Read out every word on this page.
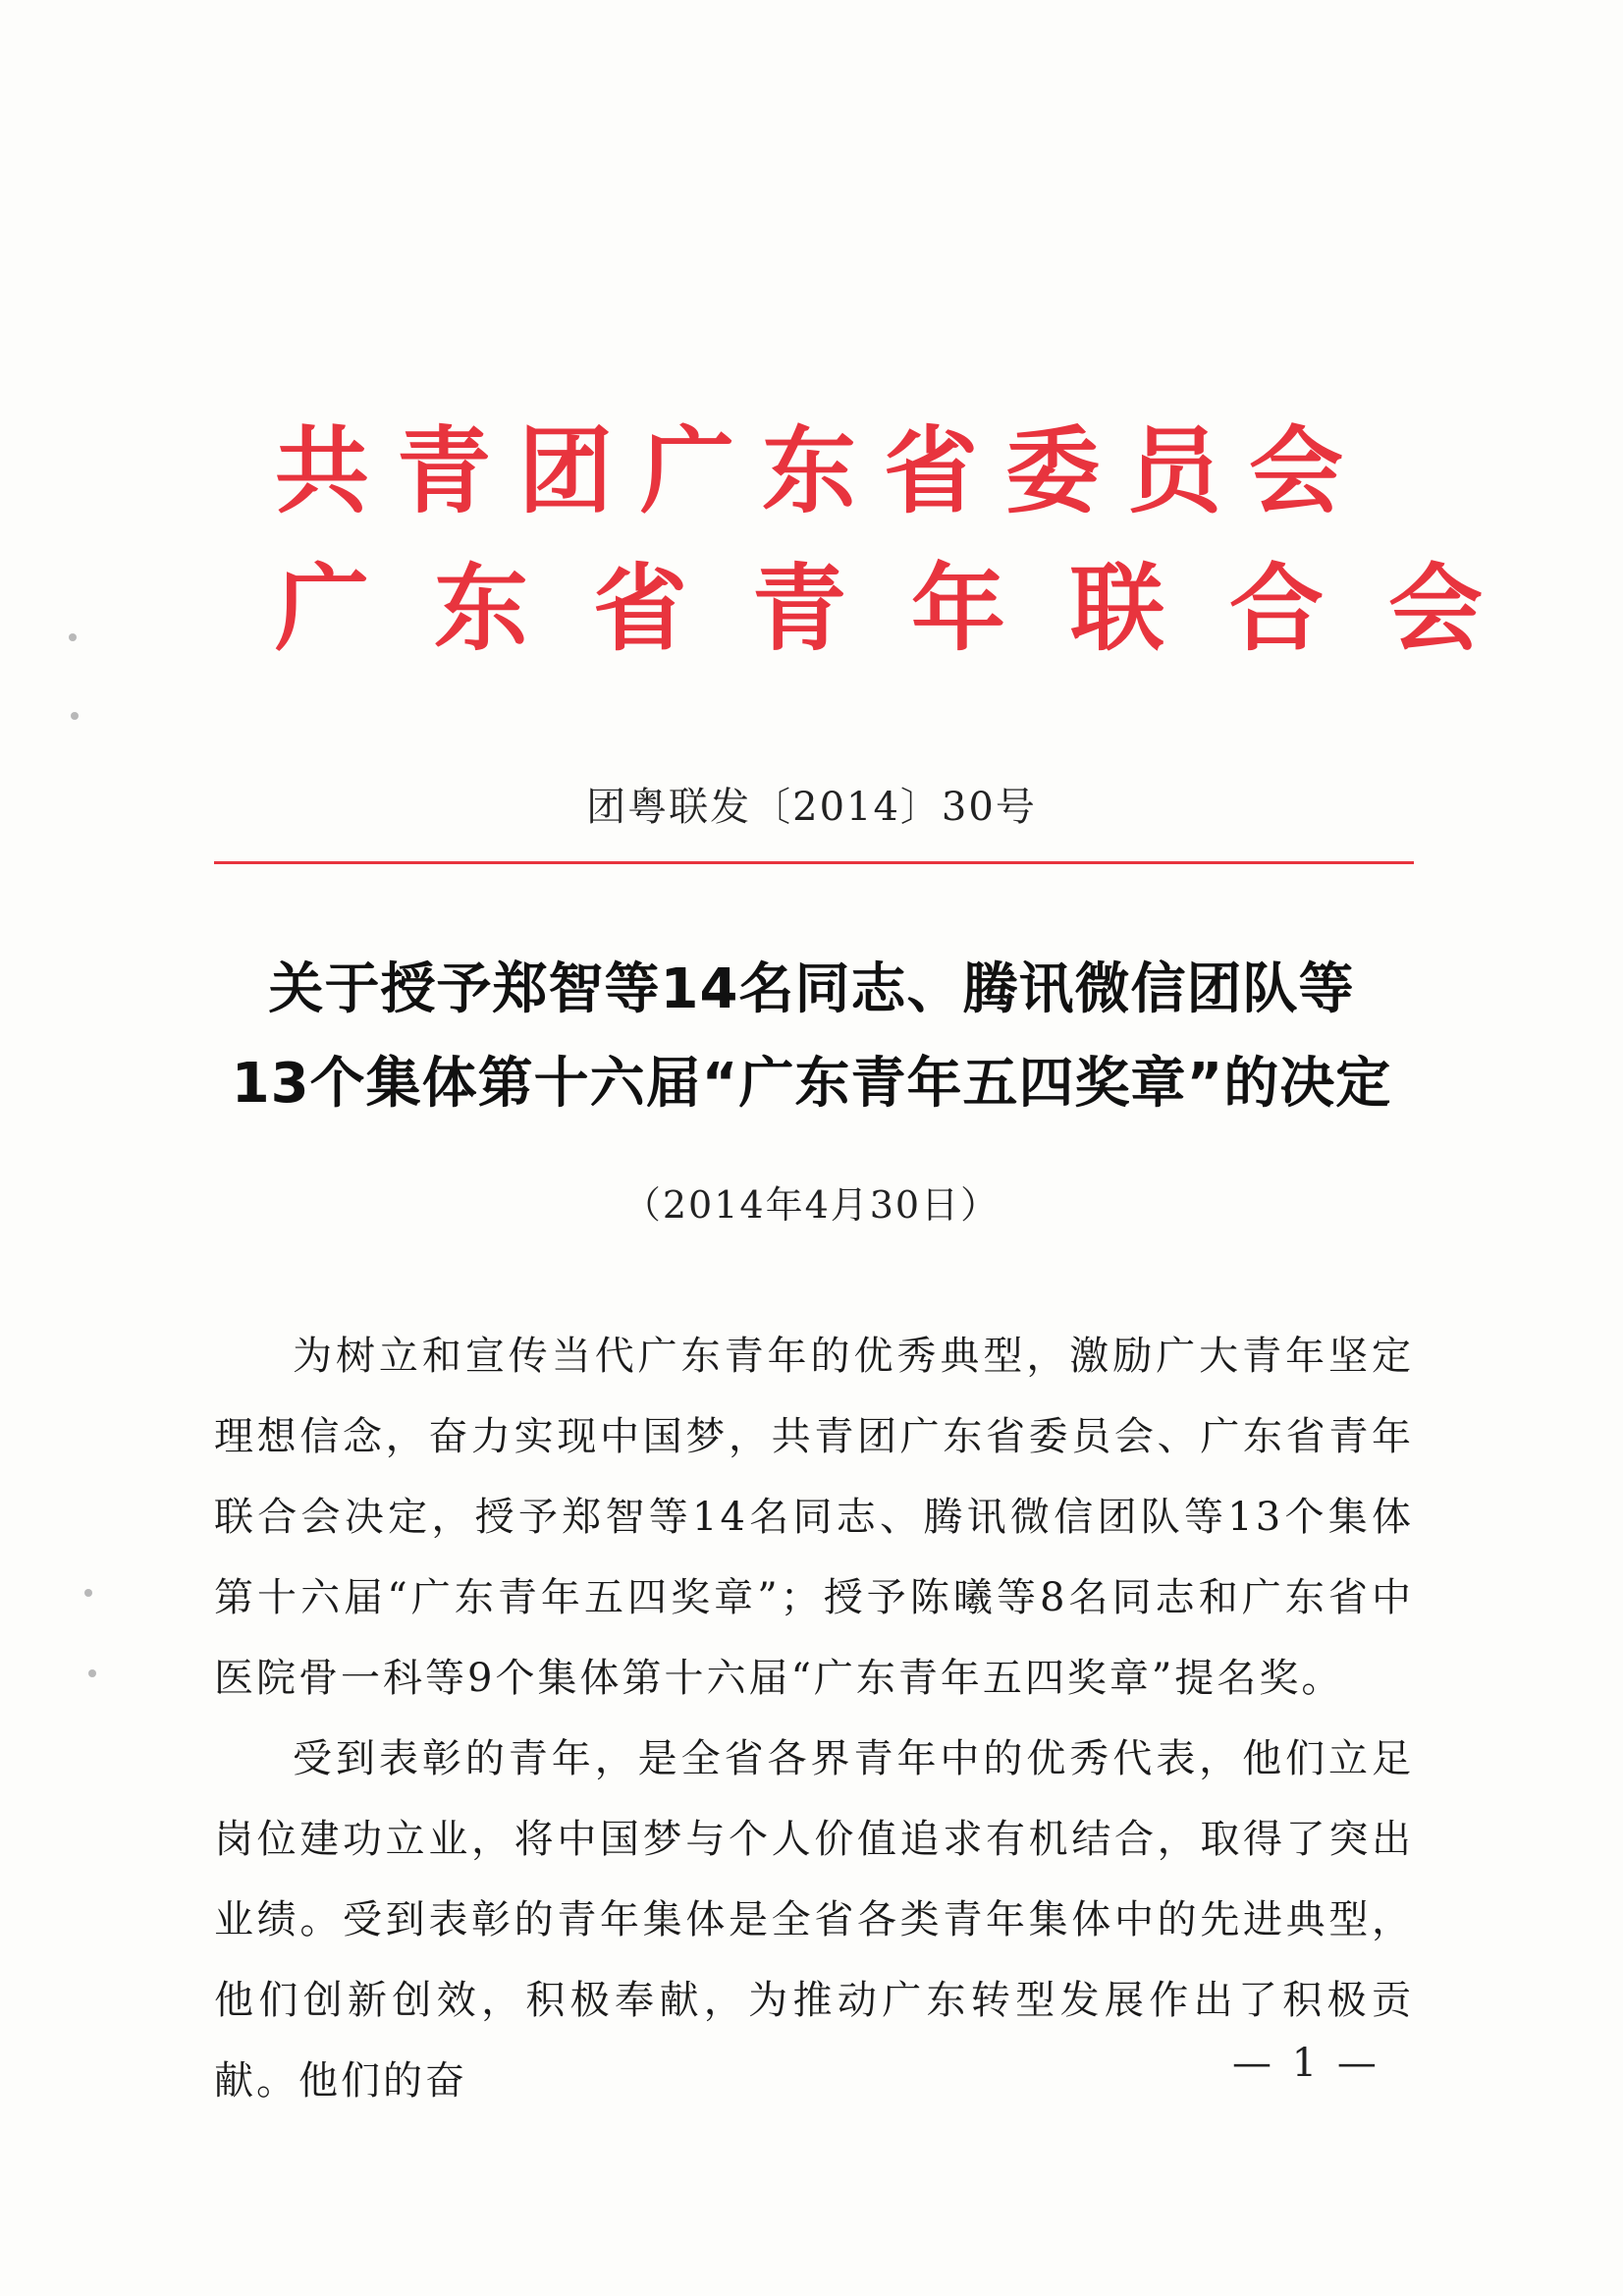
共青团广东省委员会
广东省青年联合会
团粤联发〔2014〕30号
关于授予郑智等14名同志、腾讯微信团队等
13个集体第十六届“广东青年五四奖章”的决定
（2014年4月30日）

为树立和宣传当代广东青年的优秀典型，激励广大青年坚定理想信念，奋力实现中国梦，共青团广东省委员会、广东省青年联合会决定，授予郑智等14名同志、腾讯微信团队等13个集体第十六届“广东青年五四奖章”；授予陈曦等8名同志和广东省中医院骨一科等9个集体第十六届“广东青年五四奖章”提名奖。

受到表彰的青年，是全省各界青年中的优秀代表，他们立足岗位建功立业，将中国梦与个人价值追求有机结合，取得了突出业绩。受到表彰的青年集体是全省各类青年集体中的先进典型，他们创新创效，积极奉献，为推动广东转型发展作出了积极贡献。他们的奋	— 1 —
